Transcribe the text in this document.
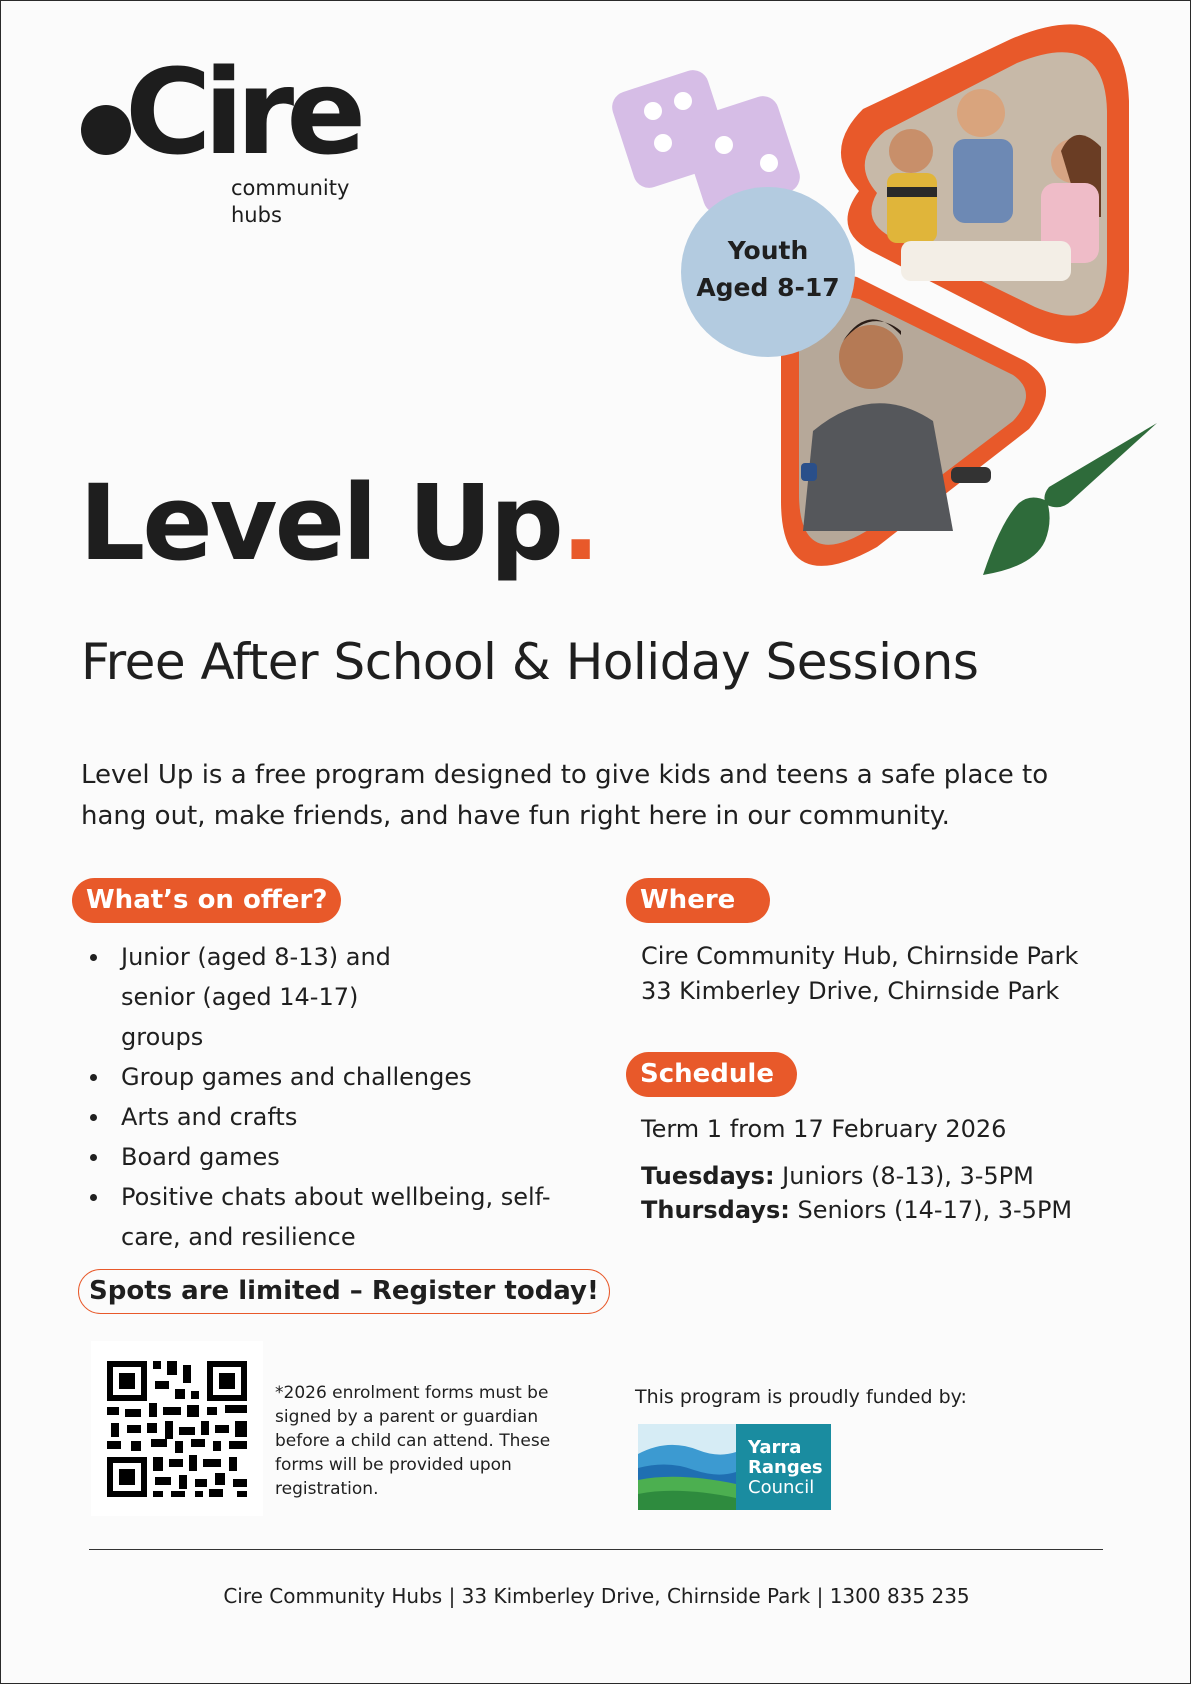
Cire
community
hubs
Youth
Aged 8-17
Level Up.
Free After School & Holiday Sessions
Level Up is a free program designed to give kids and teens a safe place to hang out, make friends, and have fun right here in our community.
What’s on offer?
Junior (aged 8-13) and senior (aged 14-17) groups
Group games and challenges
Arts and crafts
Board games
Positive chats about wellbeing, self-care, and resilience
Where
Cire Community Hub, Chirnside Park
33 Kimberley Drive, Chirnside Park
Schedule
Term 1 from 17 February 2026
Tuesdays: Juniors (8-13), 3-5PM
Thursdays: Seniors (14-17), 3-5PM
Spots are limited – Register today!
*2026 enrolment forms must be signed by a parent or guardian before a child can attend. These forms will be provided upon registration.
This program is proudly funded by:
Yarra
Ranges
Council
Cire Community Hubs | 33 Kimberley Drive, Chirnside Park | 1300 835 235
